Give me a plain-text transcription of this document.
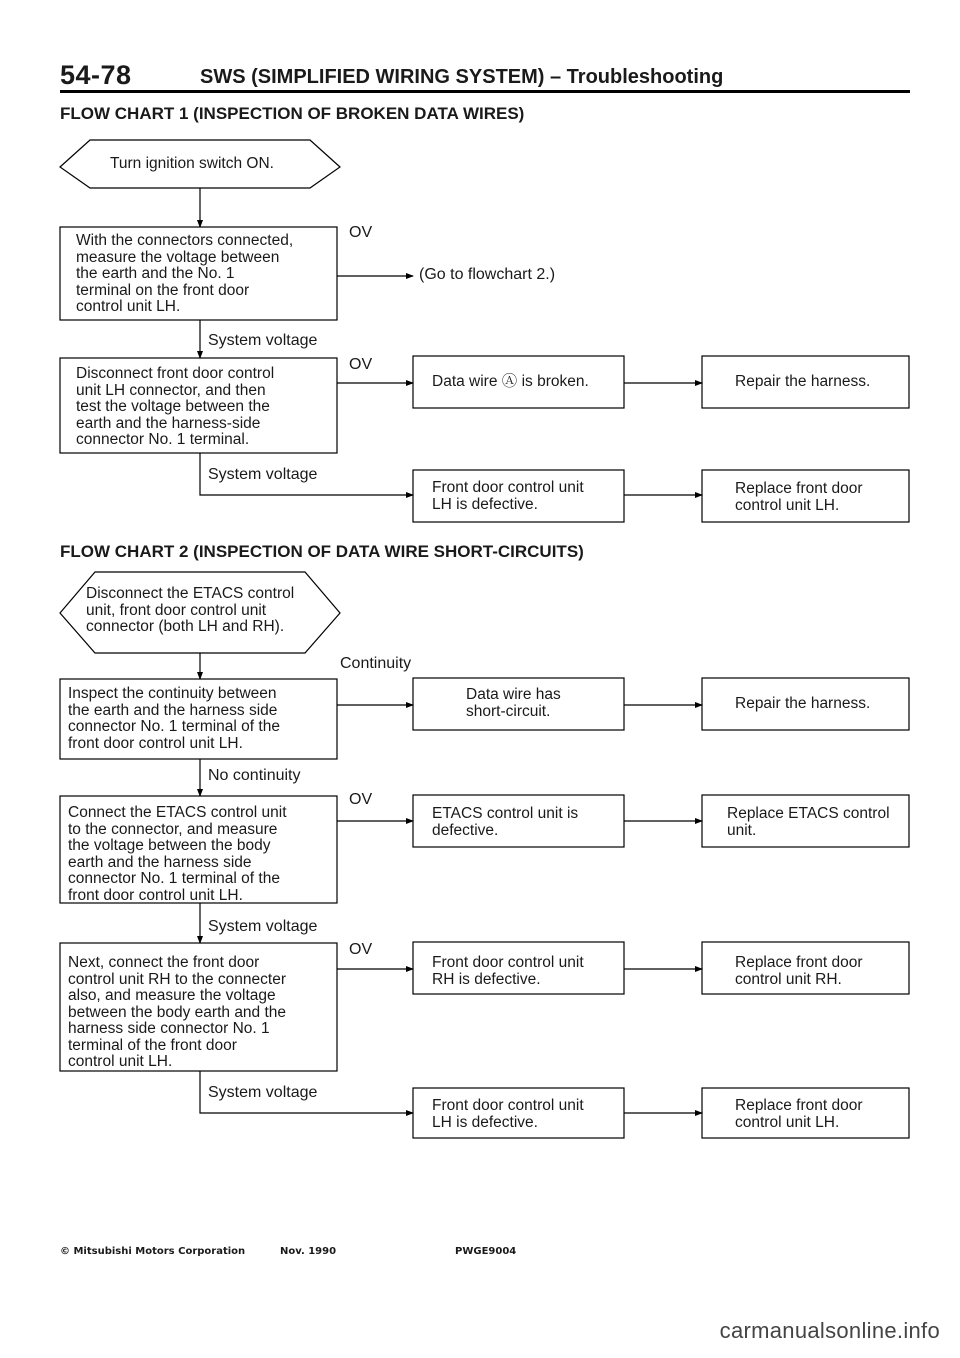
54-78	SWS (SIMPLIFIED WIRING SYSTEM) – Troubleshooting
FLOW CHART 1 (INSPECTION OF BROKEN DATA WIRES)
Turn ignition switch ON.
With the connectors connected,
measure the voltage between
the earth and the No. 1
terminal on the front door
control unit LH.
OV
(Go to flowchart 2.)
System voltage
Disconnect front door control
unit LH connector, and then
test the voltage between the
earth and the harness-side
connector No. 1 terminal.
OV
Data wire Ⓐ is broken.	Repair the harness.
System voltage
Front door control unit
LH is defective.
Replace front door
control unit LH.
FLOW CHART 2 (INSPECTION OF DATA WIRE SHORT-CIRCUITS)
Disconnect the ETACS control
unit, front door control unit
connector (both LH and RH).
Inspect the continuity between
the earth and the harness side
connector No. 1 terminal of the
front door control unit LH.
Continuity
Data wire has
short-circuit.	Repair the harness.
No continuity
Connect the ETACS control unit
to the connector, and measure
the voltage between the body
earth and the harness side
connector No. 1 terminal of the
front door control unit LH.
OV
ETACS control unit is
defective.
Replace ETACS control
unit.
System voltage
Next, connect the front door
control unit RH to the connecter
also, and measure the voltage
between the body earth and the
harness side connector No. 1
terminal of the front door
control unit LH.
OV
Front door control unit
RH is defective.
Replace front door
control unit RH.
System voltage
Front door control unit
LH is defective.
Replace front door
control unit LH.
© Mitsubishi Motors Corporation	Nov. 1990	PWGE9004
carmanualsonline.info
